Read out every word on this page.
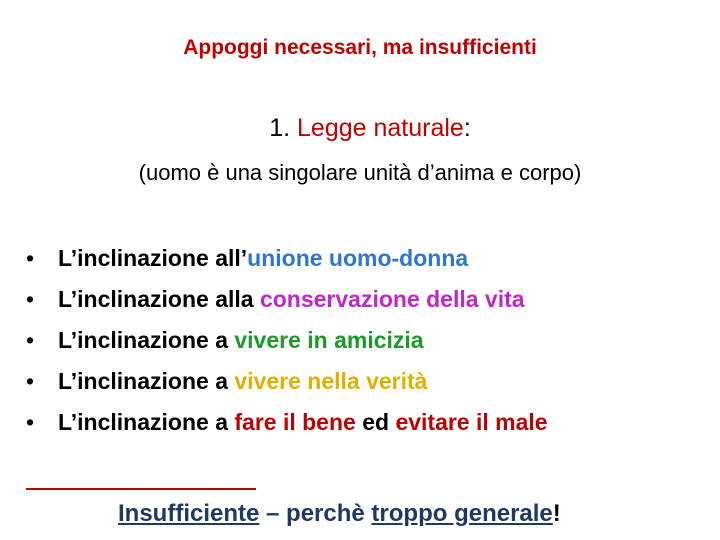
Appoggi necessari, ma insufficienti
1. Legge naturale:
(uomo è una singolare unità d’anima e corpo)
• L’inclinazione all’unione uomo-donna
• L’inclinazione alla conservazione della vita
• L’inclinazione a vivere in amicizia
• L’inclinazione a vivere nella verità
• L’inclinazione a fare il bene ed evitare il male
Insufficiente – perchè troppo generale!
